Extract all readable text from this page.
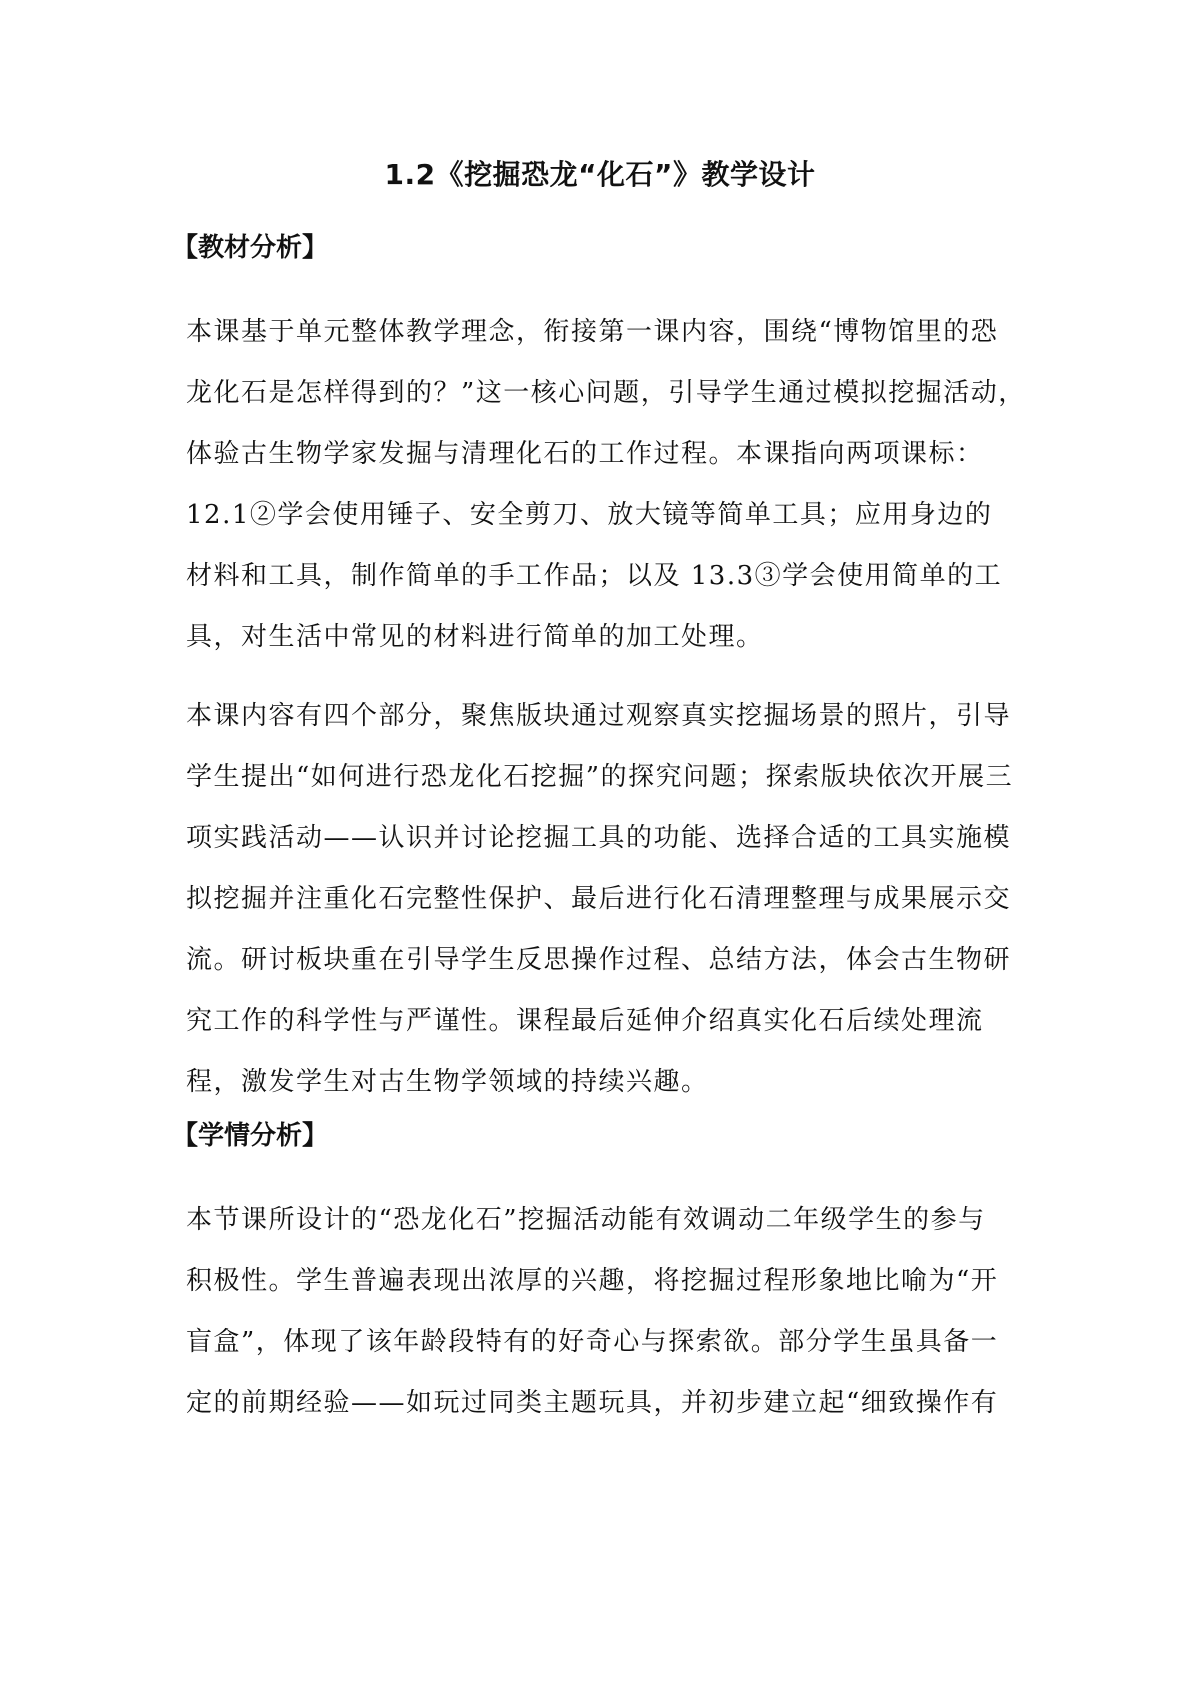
1.2《挖掘恐龙“化石”》教学设计
【教材分析】
本课基于单元整体教学理念，衔接第一课内容，围绕“博物馆里的恐
龙化石是怎样得到的？”这一核心问题，引导学生通过模拟挖掘活动，
体验古生物学家发掘与清理化石的工作过程。本课指向两项课标：
12.1②学会使用锤子、安全剪刀、放大镜等简单工具；应用身边的
材料和工具，制作简单的手工作品；以及 13.3③学会使用简单的工
具，对生活中常见的材料进行简单的加工处理。
本课内容有四个部分，聚焦版块通过观察真实挖掘场景的照片，引导
学生提出“如何进行恐龙化石挖掘”的探究问题；探索版块依次开展三
项实践活动——认识并讨论挖掘工具的功能、选择合适的工具实施模
拟挖掘并注重化石完整性保护、最后进行化石清理整理与成果展示交
流。研讨板块重在引导学生反思操作过程、总结方法，体会古生物研
究工作的科学性与严谨性。课程最后延伸介绍真实化石后续处理流
程，激发学生对古生物学领域的持续兴趣。
【学情分析】
本节课所设计的“恐龙化石”挖掘活动能有效调动二年级学生的参与
积极性。学生普遍表现出浓厚的兴趣，将挖掘过程形象地比喻为“开
盲盒”，体现了该年龄段特有的好奇心与探索欲。部分学生虽具备一
定的前期经验——如玩过同类主题玩具，并初步建立起“细致操作有
